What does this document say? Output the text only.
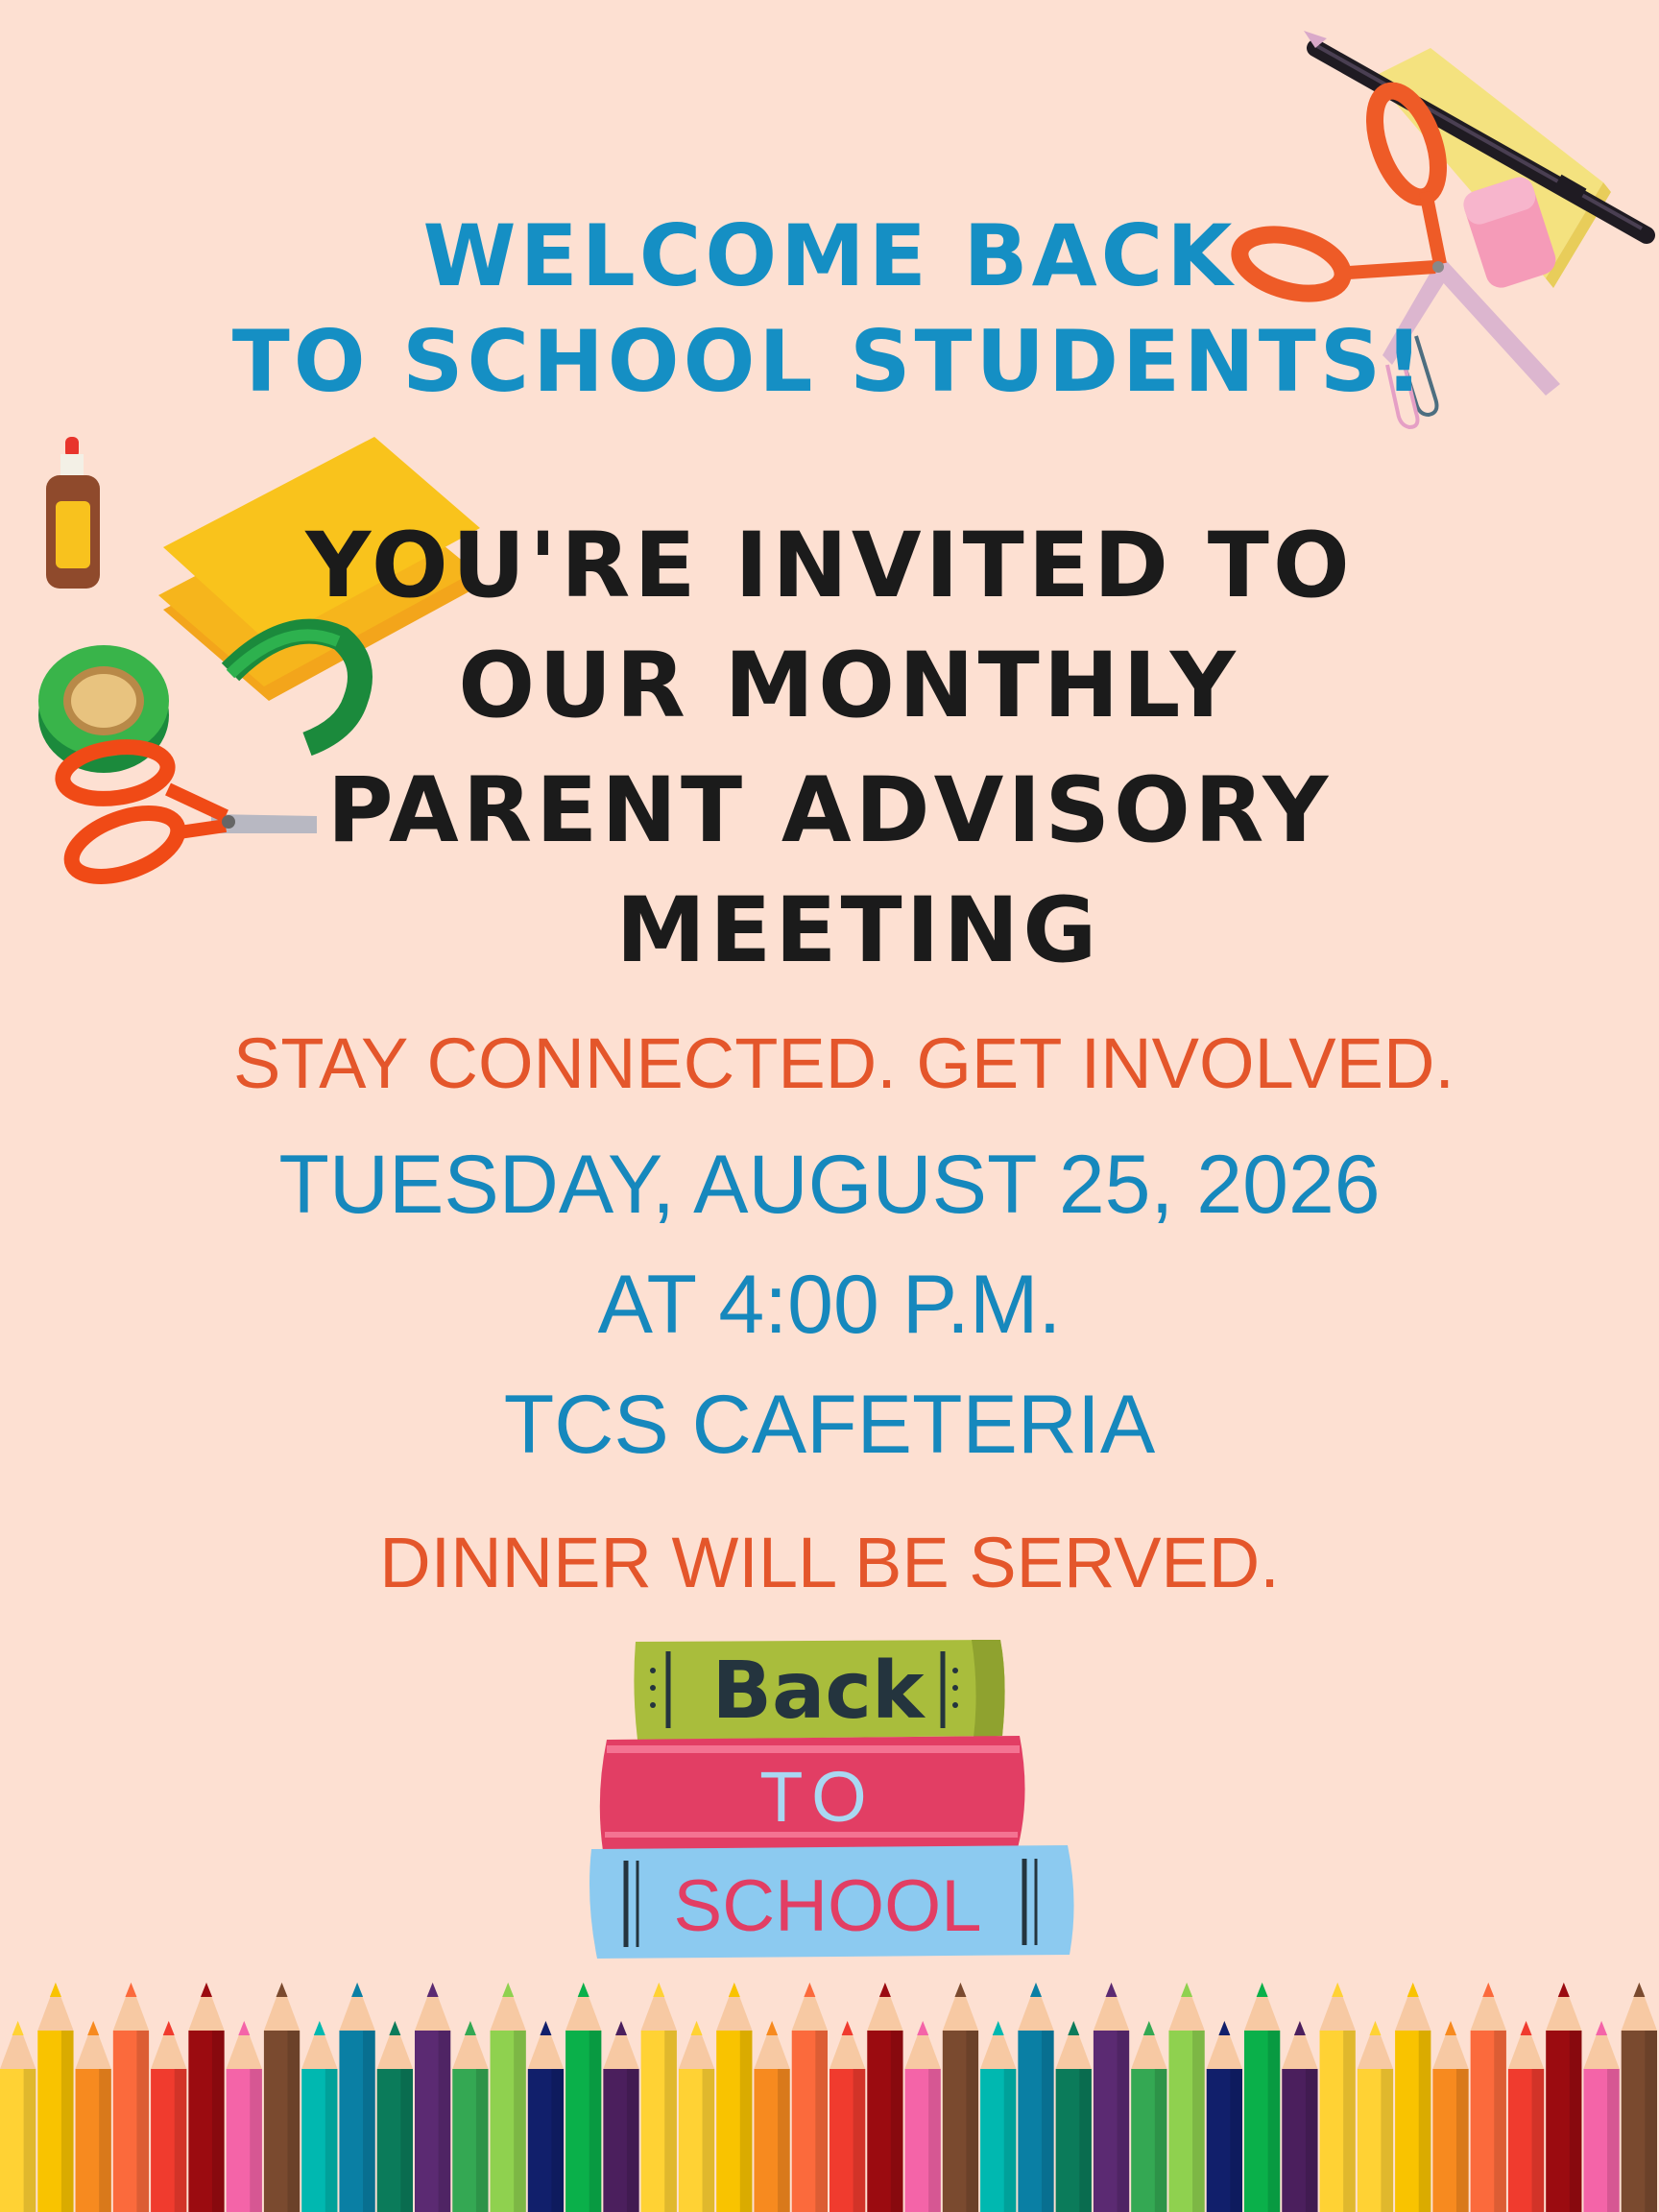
WELCOME BACK

TO SCHOOL STUDENTS!

YOU'RE INVITED TO

OUR MONTHLY

PARENT ADVISORY

MEETING

STAY CONNECTED. GET INVOLVED.

TUESDAY, AUGUST 25, 2026

AT 4:00 P.M.

TCS CAFETERIA

DINNER WILL BE SERVED.

Back
TO
SCHOOL
